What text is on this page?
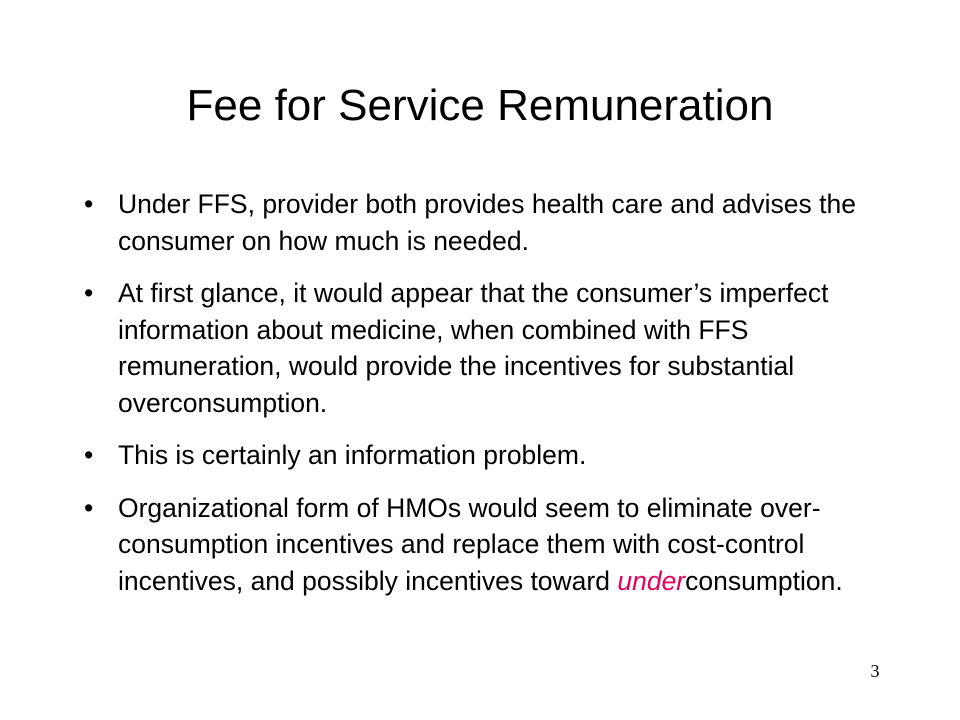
Fee for Service Remuneration
• Under FFS, provider both provides health care and advises the consumer on how much is needed.
• At first glance, it would appear that the consumer’s imperfect information about medicine, when combined with FFS remuneration, would provide the incentives for substantial overconsumption.
• This is certainly an information problem.
• Organizational form of HMOs would seem to eliminate over- consumption incentives and replace them with cost-control incentives, and possibly incentives toward underconsumption.
3
